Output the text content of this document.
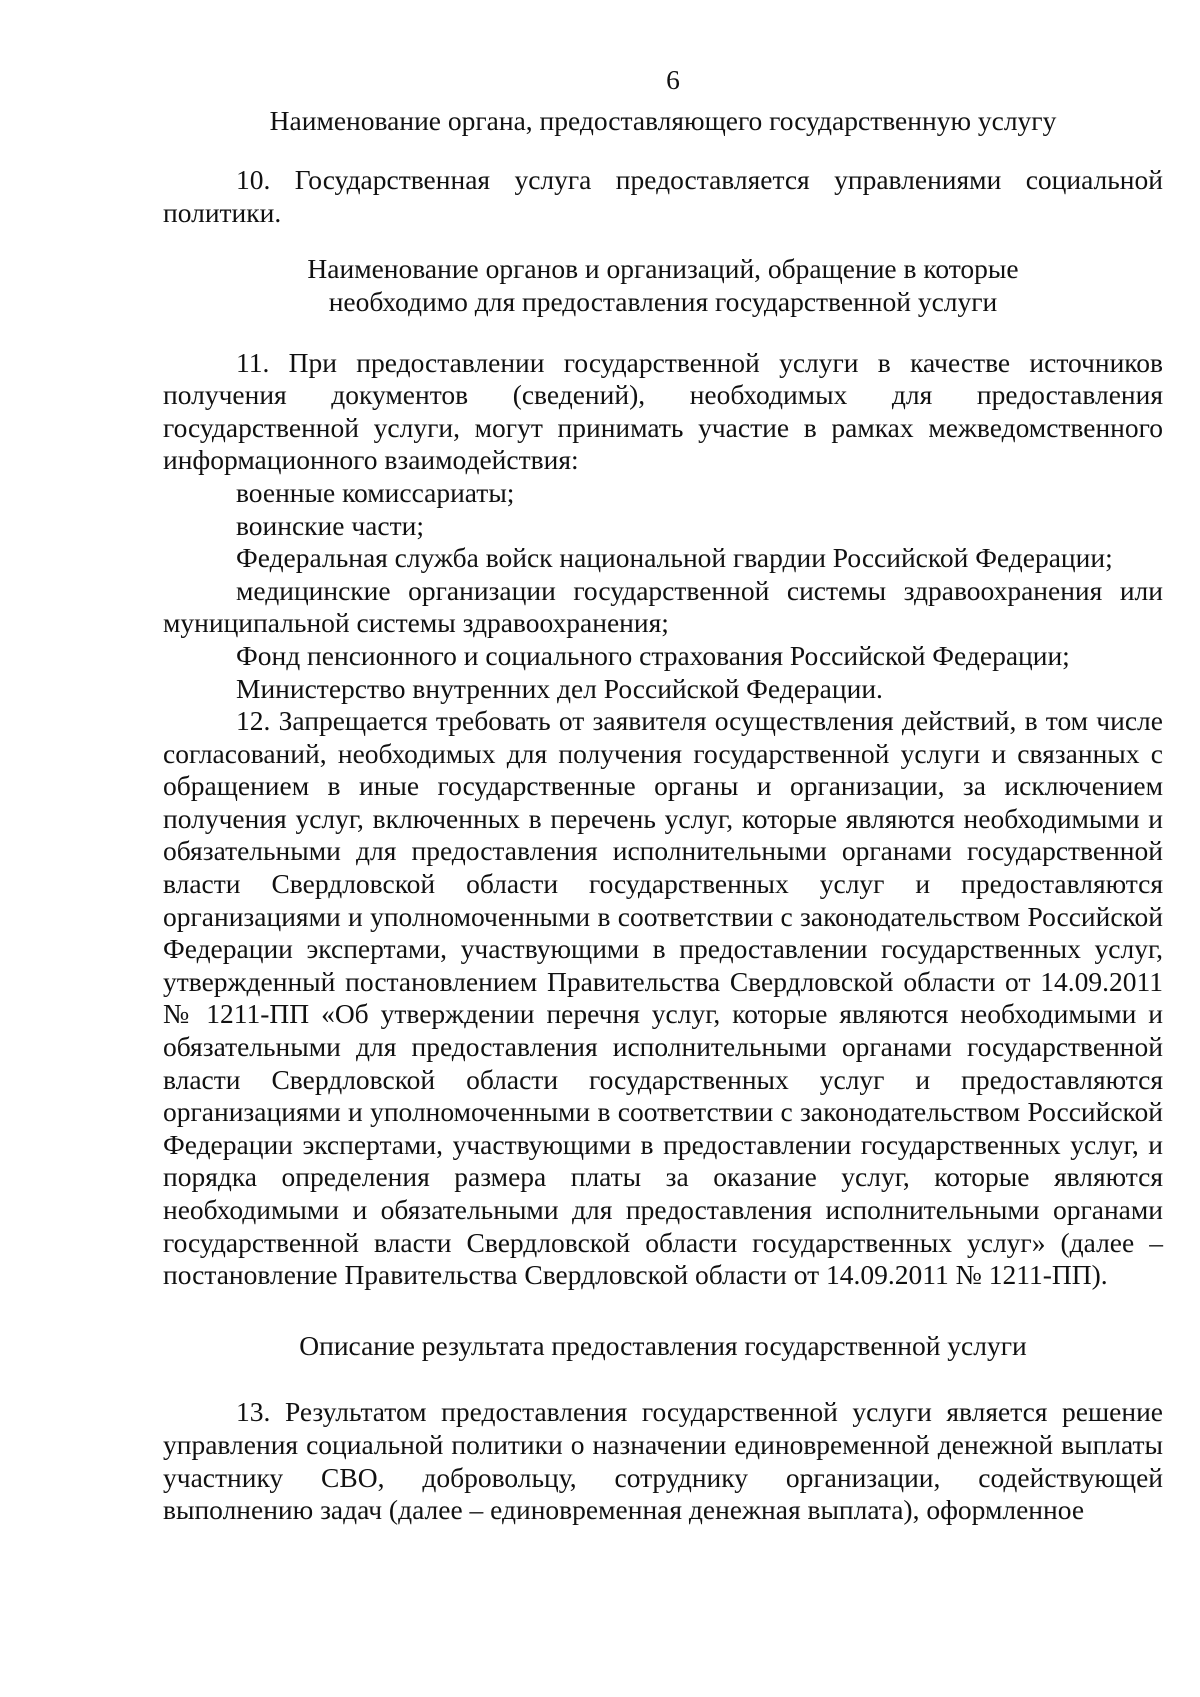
6
Наименование органа, предоставляющего государственную услугу

10. Государственная услуга предоставляется управлениями социальной политики.

Наименование органов и организаций, обращение в которые необходимо для предоставления государственной услуги

11. При предоставлении государственной услуги в качестве источников получения документов (сведений), необходимых для предоставления государственной услуги, могут принимать участие в рамках межведомственного информационного взаимодействия:

военные комиссариаты;

воинские части;

Федеральная служба войск национальной гвардии Российской Федерации;

медицинские организации государственной системы здравоохранения или муниципальной системы здравоохранения;

Фонд пенсионного и социального страхования Российской Федерации;

Министерство внутренних дел Российской Федерации.

12. Запрещается требовать от заявителя осуществления действий, в том числе согласований, необходимых для получения государственной услуги и связанных с обращением в иные государственные органы и организации, за исключением получения услуг, включенных в перечень услуг, которые являются необходимыми и обязательными для предоставления исполнительными органами государственной власти Свердловской области государственных услуг и предоставляются организациями и уполномоченными в соответствии с законодательством Российской Федерации экспертами, участвующими в предоставлении государственных услуг, утвержденный постановлением Правительства Свердловской области от 14.09.2011 № 1211-ПП «Об утверждении перечня услуг, которые являются необходимыми и обязательными для предоставления исполнительными органами государственной власти Свердловской области государственных услуг и предоставляются организациями и уполномоченными в соответствии с законодательством Российской Федерации экспертами, участвующими в предоставлении государственных услуг, и порядка определения размера платы за оказание услуг, которые являются необходимыми и обязательными для предоставления исполнительными органами государственной власти Свердловской области государственных услуг» (далее – постановление Правительства Свердловской области от 14.09.2011 № 1211-ПП).

Описание результата предоставления государственной услуги

13. Результатом предоставления государственной услуги является решение управления социальной политики о назначении единовременной денежной выплаты участнику СВО, добровольцу, сотруднику организации, содействующей выполнению задач (далее – единовременная денежная выплата), оформленное
